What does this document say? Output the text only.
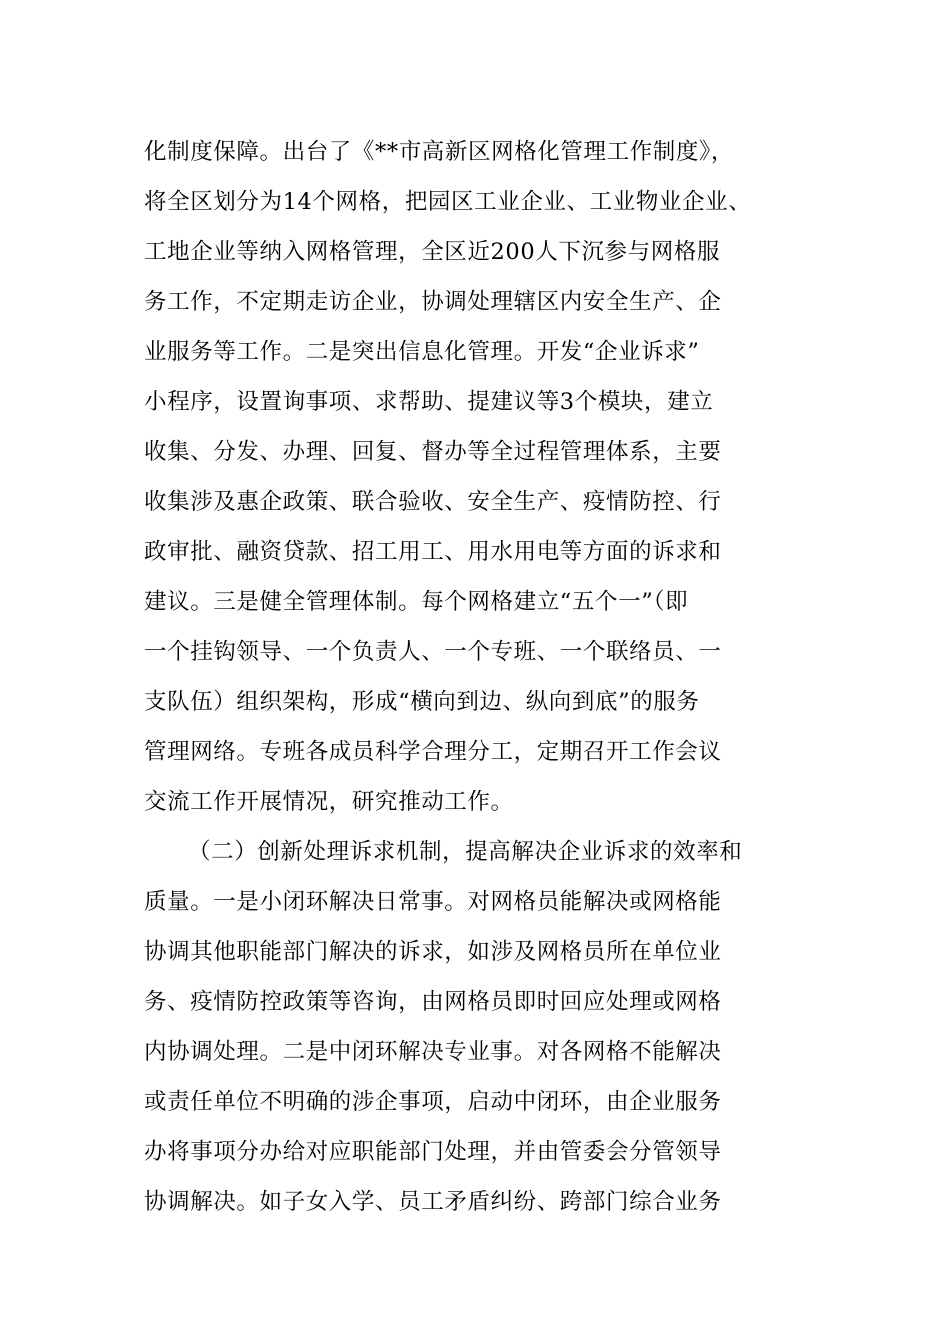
化制度保障。出台了《**市高新区网格化管理工作制度》，
将全区划分为14个网格，把园区工业企业、工业物业企业、
工地企业等纳入网格管理，全区近200人下沉参与网格服
务工作，不定期走访企业，协调处理辖区内安全生产、企
业服务等工作。二是突出信息化管理。开发“企业诉求”
小程序，设置询事项、求帮助、提建议等3个模块，建立
收集、分发、办理、回复、督办等全过程管理体系，主要
收集涉及惠企政策、联合验收、安全生产、疫情防控、行
政审批、融资贷款、招工用工、用水用电等方面的诉求和
建议。三是健全管理体制。每个网格建立“五个一”（即
一个挂钩领导、一个负责人、一个专班、一个联络员、一
支队伍）组织架构，形成“横向到边、纵向到底”的服务
管理网络。专班各成员科学合理分工，定期召开工作会议
交流工作开展情况，研究推动工作。
（二）创新处理诉求机制，提高解决企业诉求的效率和
质量。一是小闭环解决日常事。对网格员能解决或网格能
协调其他职能部门解决的诉求，如涉及网格员所在单位业
务、疫情防控政策等咨询，由网格员即时回应处理或网格
内协调处理。二是中闭环解决专业事。对各网格不能解决
或责任单位不明确的涉企事项，启动中闭环，由企业服务
办将事项分办给对应职能部门处理，并由管委会分管领导
协调解决。如子女入学、员工矛盾纠纷、跨部门综合业务
